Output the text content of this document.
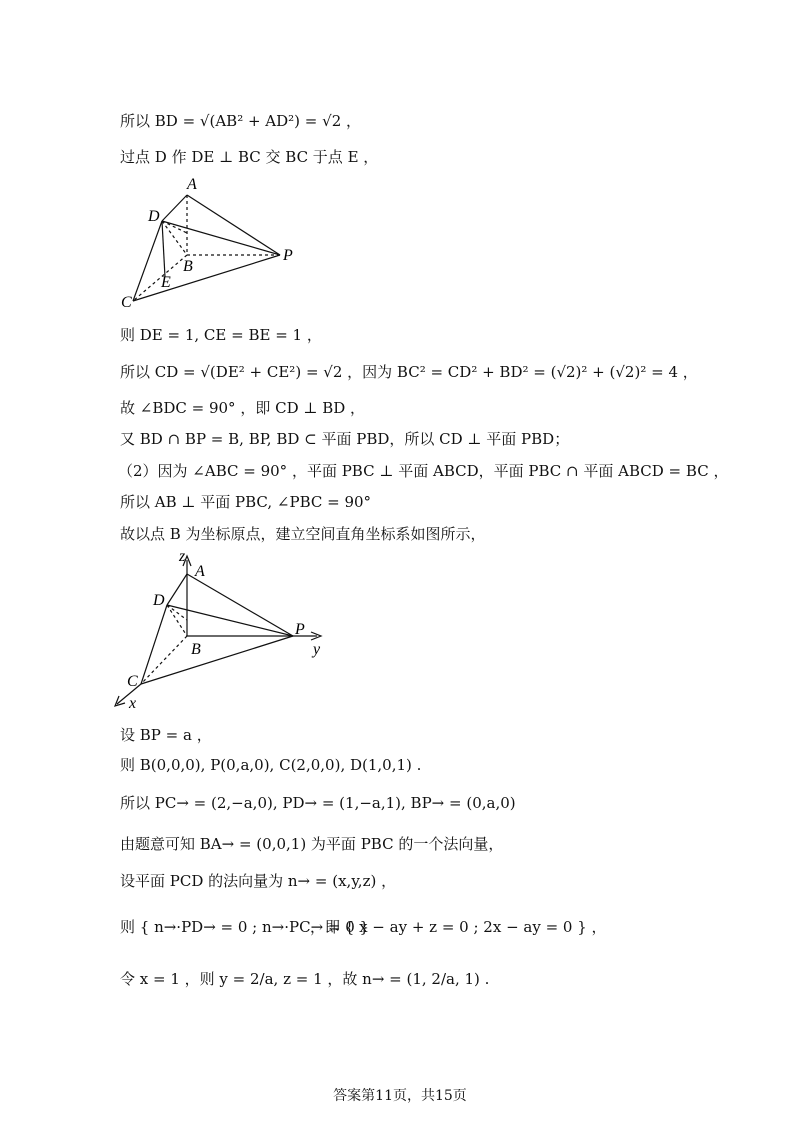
所以 BD = √(AB² + AD²) = √2 ，
过点 D 作 DE ⊥ BC 交 BC 于点 E ，
A
D
B
P
E
C
则 DE = 1, CE = BE = 1 ，
所以 CD = √(DE² + CE²) = √2 ，因为 BC² = CD² + BD² = (√2)² + (√2)² = 4 ，
故 ∠BDC = 90° ，即 CD ⊥ BD ，
又 BD ∩ BP = B, BP, BD ⊂ 平面 PBD，所以 CD ⊥ 平面 PBD；
（2）因为 ∠ABC = 90° ，平面 PBC ⊥ 平面 ABCD，平面 PBC ∩ 平面 ABCD = BC ，
所以 AB ⊥ 平面 PBC, ∠PBC = 90°
故以点 B 为坐标原点，建立空间直角坐标系如图所示，
z
A
D
B
P
y
C
x
设 BP = a ，
则 B(0,0,0), P(0,a,0), C(2,0,0), D(1,0,1) .
所以 PC→ = (2,−a,0), PD→ = (1,−a,1), BP→ = (0,a,0)
由题意可知 BA→ = (0,0,1) 为平面 PBC 的一个法向量，
设平面 PCD 的法向量为 n→ = (x,y,z) ，
则 { n→·PD→ = 0 ; n→·PC→ = 0 }
，即 { x − ay + z = 0 ; 2x − ay = 0 } ，
令 x = 1 ，则 y = 2/a, z = 1 ，故 n→ = (1, 2/a, 1) .
答案第11页，共15页
